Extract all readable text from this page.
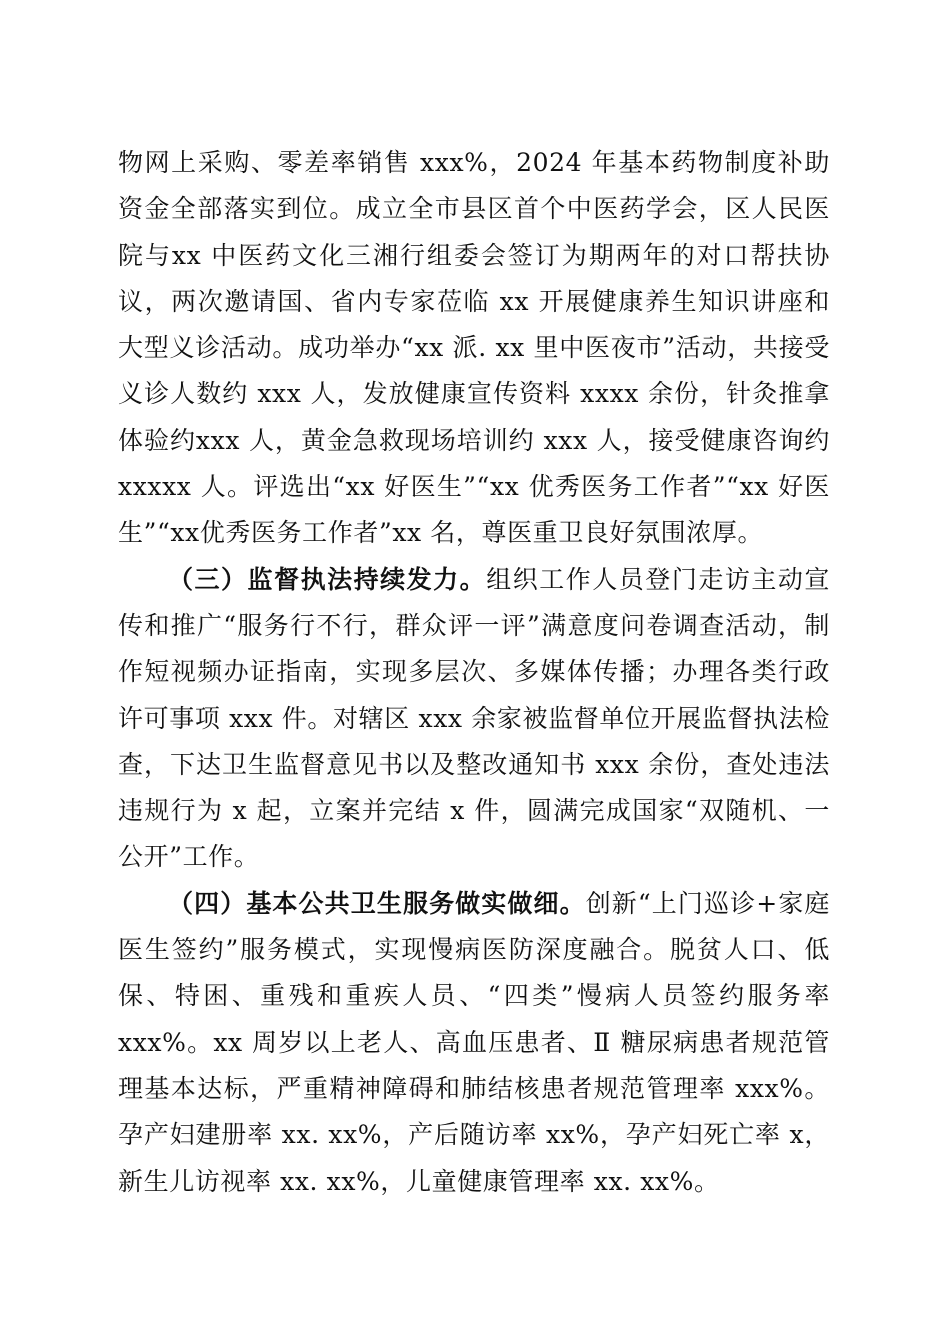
物网上采购、零差率销售 xxx%，2024 年基本药物制度补助资金全部落实到位。成立全市县区首个中医药学会，区人民医院与xx 中医药文化三湘行组委会签订为期两年的对口帮扶协议，两次邀请国、省内专家莅临 xx 开展健康养生知识讲座和大型义诊活动。成功举办“xx 派. xx 里中医夜市”活动，共接受义诊人数约 xxx 人，发放健康宣传资料 xxxx 余份，针灸推拿体验约xxx 人，黄金急救现场培训约 xxx 人，接受健康咨询约 xxxxx 人。评选出“xx 好医生”“xx 优秀医务工作者”“xx 好医生”“xx优秀医务工作者”xx 名，尊医重卫良好氛围浓厚。

（三）监督执法持续发力。组织工作人员登门走访主动宣传和推广“服务行不行，群众评一评”满意度问卷调查活动，制作短视频办证指南，实现多层次、多媒体传播；办理各类行政许可事项 xxx 件。对辖区 xxx 余家被监督单位开展监督执法检查，下达卫生监督意见书以及整改通知书 xxx 余份，查处违法违规行为 x 起，立案并完结 x 件，圆满完成国家“双随机、一公开”工作。

（四）基本公共卫生服务做实做细。创新“上门巡诊+家庭医生签约”服务模式，实现慢病医防深度融合。脱贫人口、低保、特困、重残和重疾人员、“四类”慢病人员签约服务率xxx%。xx 周岁以上老人、高血压患者、Ⅱ 糖尿病患者规范管理基本达标，严重精神障碍和肺结核患者规范管理率 xxx%。孕产妇建册率 xx. xx%，产后随访率 xx%，孕产妇死亡率 x，新生儿访视率 xx. xx%，儿童健康管理率 xx. xx%。
